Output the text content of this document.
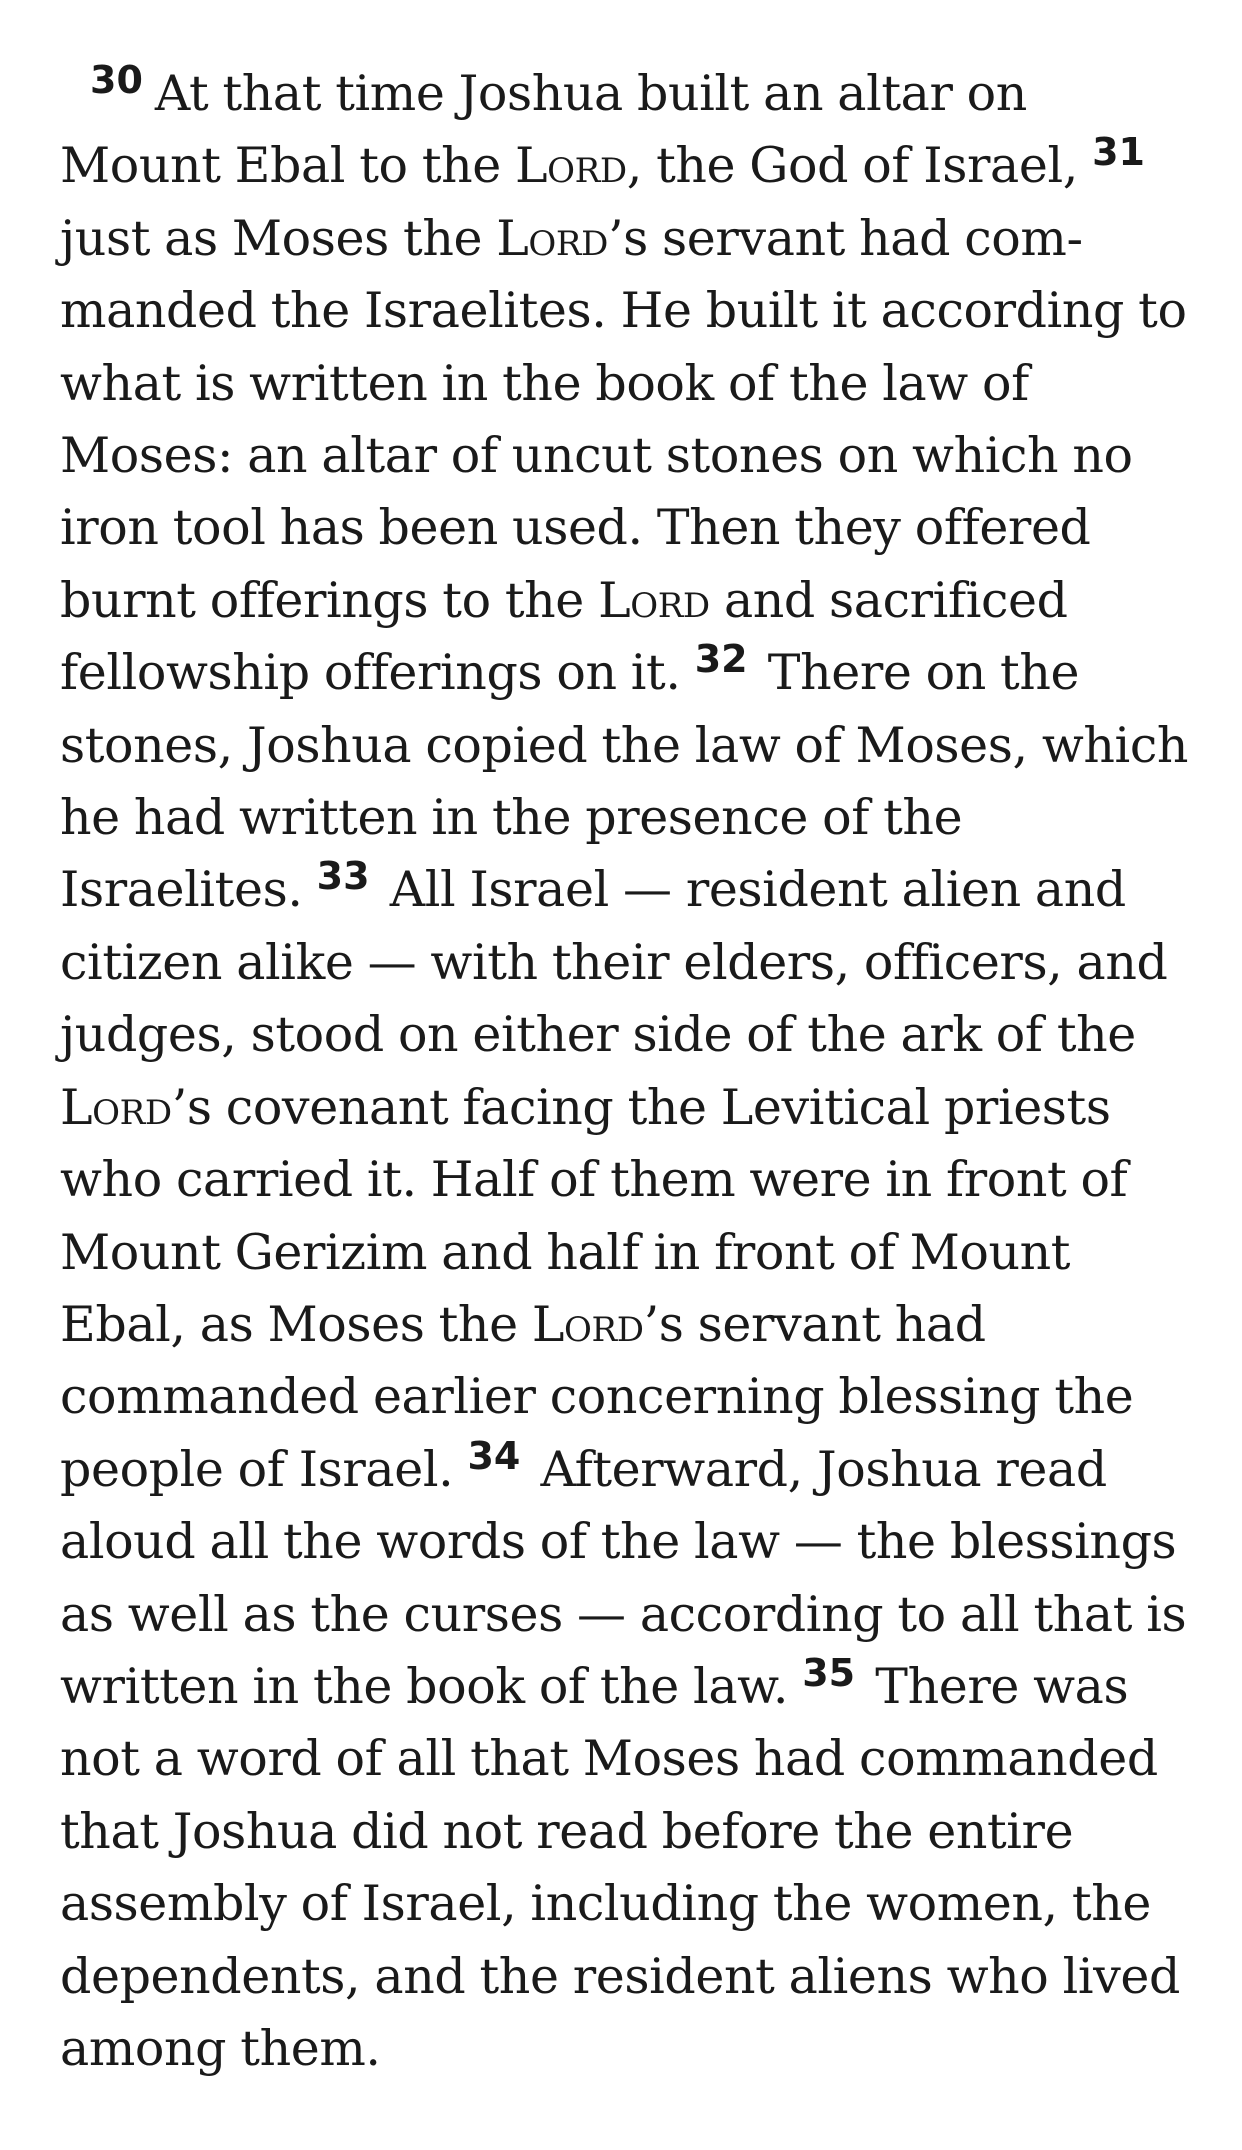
$^{30}$ At that time Joshua built an altar on Mount Ebal to the Lord, the God of Israel, $^{31}$ just as Moses the Lord’s servant had commanded the Israelites. He built it according to what is written in the book of the law of Moses: an altar of uncut stones on which no iron tool has been used. Then they offered burnt offerings to the Lord and sacrificed fellowship offerings on it. $^{32}$ There on the stones, Joshua copied the law of Moses, which he had written in the presence of the Israelites. $^{33}$ All Israel — resident alien and citizen alike — with their elders, officers, and judges, stood on either side of the ark of the Lord’s covenant facing the Levitical priests who carried it. Half of them were in front of Mount Gerizim and half in front of Mount Ebal, as Moses the Lord’s servant had commanded earlier concerning blessing the people of Israel. $^{34}$ Afterward, Joshua read aloud all the words of the law — the blessings as well as the curses — according to all that is written in the book of the law. $^{35}$ There was not a word of all that Moses had commanded that Joshua did not read before the entire assembly of Israel, including the women, the dependents, and the resident aliens who lived among them.
